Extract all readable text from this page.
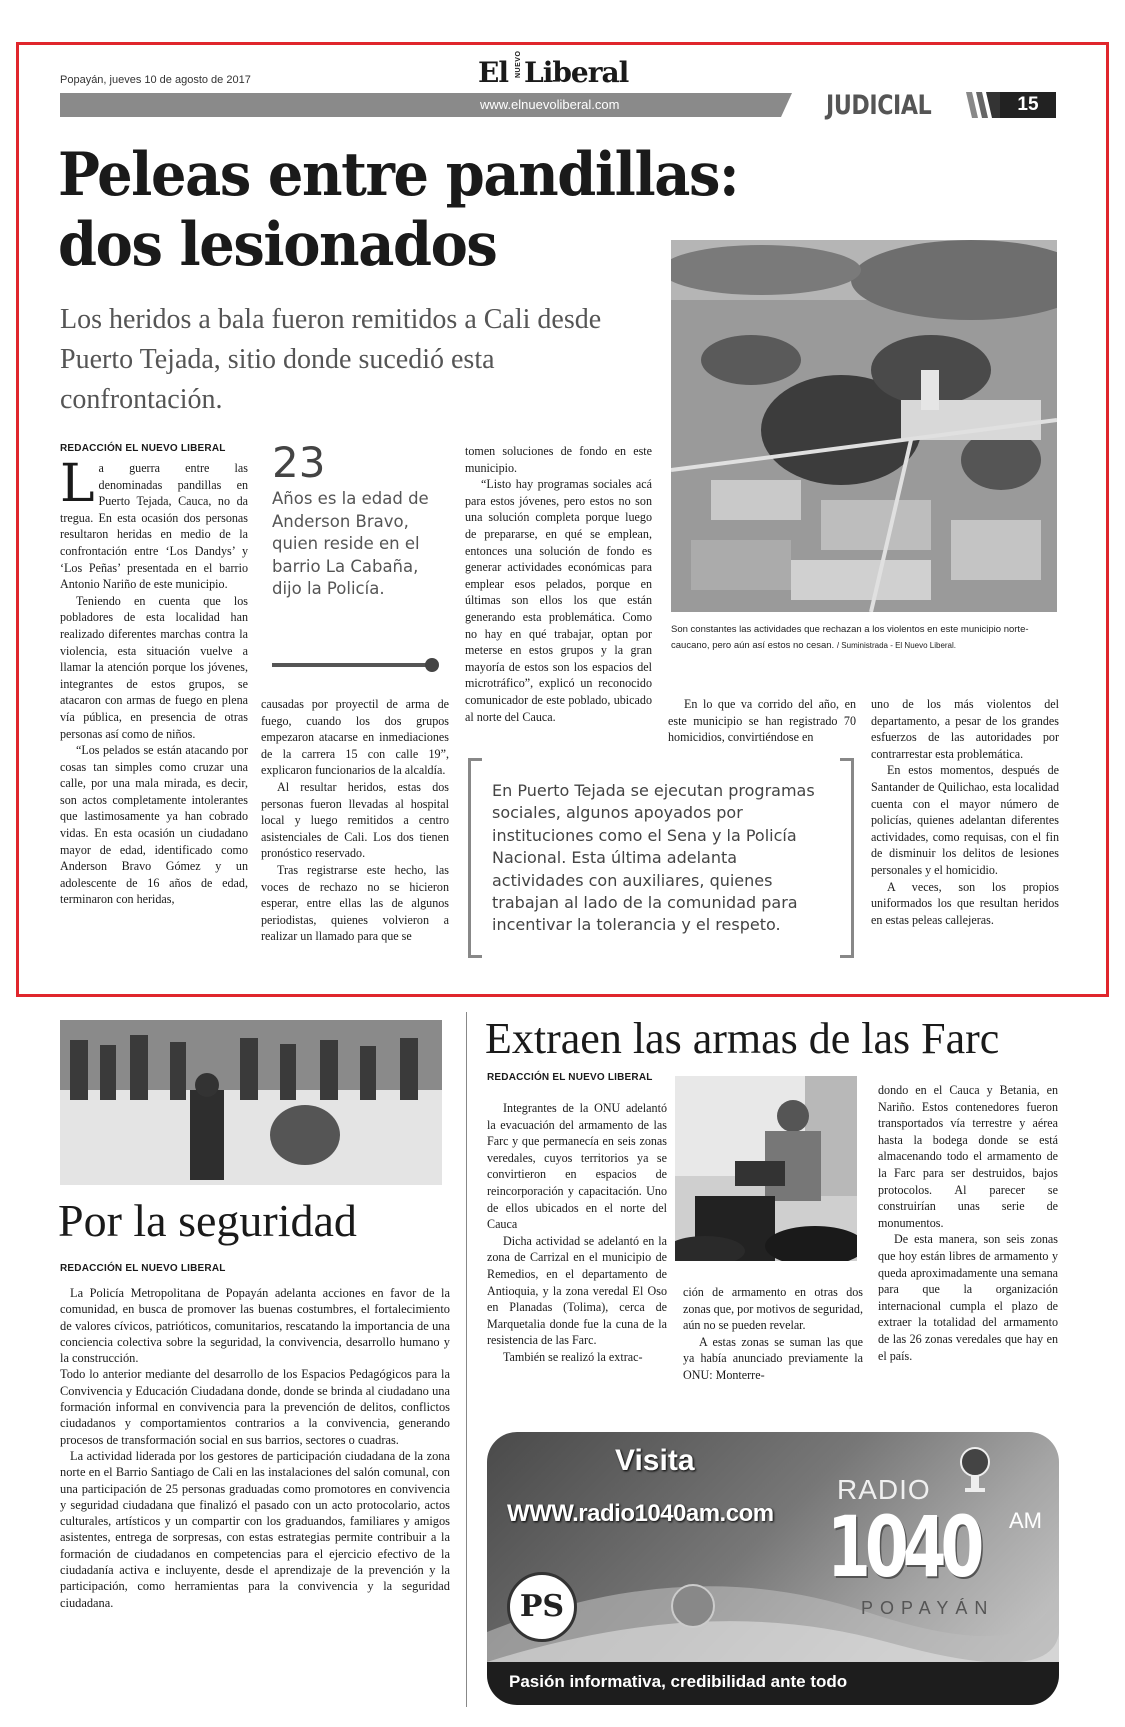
Popayán, jueves 10 de agosto de 2017	El NUEVO Liberal
www.elnuevoliberal.com	JUDICIAL	15
Peleas entre pandillas:
dos lesionados
Los heridos a bala fueron remitidos a Cali desde Puerto Tejada, sitio donde sucedió esta confrontación.
Son constantes las actividades que rechazan a los violentos en este municipio norte-caucano, pero aún así estos no cesan. / Suministrada - El Nuevo Liberal.
REDACCIÓN EL NUEVO LIBERAL
L a guerra entre las denominadas pandillas en Puerto Tejada, Cauca, no da tregua. En esta ocasión dos personas resultaron heridas en medio de la confrontación entre ‘Los Dandys’ y ‘Los Peñas’ presentada en el barrio Antonio Nariño de este municipio.

Teniendo en cuenta que los pobladores de esta localidad han realizado diferentes marchas contra la violencia, esta situación vuelve a llamar la atención porque los jóvenes, integrantes de estos grupos, se atacaron con armas de fuego en plena vía pública, en presencia de otras personas así como de niños.

“Los pelados se están atacando por cosas tan simples como cruzar una calle, por una mala mirada, es decir, son actos completamente intolerantes que lastimosamente ya han cobrado vidas. En esta ocasión un ciudadano mayor de edad, identificado como Anderson Bravo Gómez y un adolescente de 16 años de edad, terminaron con heridas,

23
Años es la edad de Anderson Bravo, quien reside en el barrio La Cabaña, dijo la Policía.

causadas por proyectil de arma de fuego, cuando los dos grupos empezaron atacarse en inmediaciones de la carrera 15 con calle 19”, explicaron funcionarios de la alcaldía.

Al resultar heridos, estas dos personas fueron llevadas al hospital local y luego remitidos a centro asistenciales de Cali. Los dos tienen pronóstico reservado.

Tras registrarse este hecho, las voces de rechazo no se hicieron esperar, entre ellas las de algunos periodistas, quienes volvieron a realizar un llamado para que se

tomen soluciones de fondo en este municipio.

“Listo hay programas sociales acá para estos jóvenes, pero estos no son una solución completa porque luego de prepararse, en qué se emplean, entonces una solución de fondo es generar actividades económicas para emplear esos pelados, porque en últimas son ellos los que están generando esta problemática. Como no hay en qué trabajar, optan por meterse en estos grupos y la gran mayoría de estos son los espacios del microtráfico”, explicó un reconocido comunicador de este poblado, ubicado al norte del Cauca.

En lo que va corrido del año, en este municipio se han registrado 70 homicidios, convirtiéndose en

uno de los más violentos del departamento, a pesar de los grandes esfuerzos de las autoridades por contrarrestar esta problemática.

En estos momentos, después de Santander de Quilichao, esta localidad cuenta con el mayor número de policías, quienes adelantan diferentes actividades, como requisas, con el fin de disminuir los delitos de lesiones personales y el homicidio.

A veces, son los propios uniformados los que resultan heridos en estas peleas callejeras.

En Puerto Tejada se ejecutan programas sociales, algunos apoyados por instituciones como el Sena y la Policía Nacional. Esta última adelanta actividades con auxiliares, quienes trabajan al lado de la comunidad para incentivar la tolerancia y el respeto.
Por la seguridad
REDACCIÓN EL NUEVO LIBERAL

La Policía Metropolitana de Popayán adelanta acciones en favor de la comunidad, en busca de promover las buenas costumbres, el fortalecimiento de valores cívicos, patrióticos, comunitarios, rescatando la importancia de una conciencia colectiva sobre la seguridad, la convivencia, desarrollo humano y la construcción.

Todo lo anterior mediante del desarrollo de los Espacios Pedagógicos para la Convivencia y Educación Ciudadana donde, donde se brinda al ciudadano una formación informal en convivencia para la prevención de delitos, conflictos ciudadanos y comportamientos contrarios a la convivencia, generando procesos de transformación social en sus barrios, sectores o cuadras.

La actividad liderada por los gestores de participación ciudadana de la zona norte en el Barrio Santiago de Cali en las instalaciones del salón comunal, con una participación de 25 personas graduadas como promotores en convivencia y seguridad ciudadana que finalizó el pasado con un acto protocolario, actos culturales, artísticos y un compartir con los graduandos, familiares y amigos asistentes, entrega de sorpresas, con estas estrategias permite contribuir a la formación de ciudadanos en competencias para el ejercicio efectivo de la ciudadanía activa e incluyente, desde el aprendizaje de la prevención y la participación, como herramientas para la convivencia y la seguridad ciudadana.

Extraen las armas de las Farc
REDACCIÓN EL NUEVO LIBERAL

Integrantes de la ONU adelantó la evacuación del armamento de las Farc y que permanecía en seis zonas veredales, cuyos territorios ya se convirtieron en espacios de reincorporación y capacitación. Uno de ellos ubicados en el norte del Cauca

Dicha actividad se adelantó en la zona de Carrizal en el municipio de Remedios, en el departamento de Antioquia, y la zona veredal El Oso en Planadas (Tolima), cerca de Marquetalia donde fue la cuna de la resistencia de las Farc.

También se realizó la extrac-

ción de armamento en otras dos zonas que, por motivos de seguridad, aún no se pueden revelar.

A estas zonas se suman las que ya había anunciado previamente la ONU: Monterre-

dondo en el Cauca y Betania, en Nariño. Estos contenedores fueron transportados vía terrestre y aérea hasta la bodega donde se está almacenando todo el armamento de la Farc para ser destruidos, bajos protocolos. Al parecer se construirían unas serie de monumentos.

De esta manera, son seis zonas que hoy están libres de armamento y queda aproximadamente una semana para que la organización internacional cumpla el plazo de extraer la totalidad del armamento de las 26 zonas veredales que hay en el país.

Visita
WWW.radio1040am.com
RADIO
1040 AM
POPAYÁN
PS
Pasión informativa, credibilidad ante todo
